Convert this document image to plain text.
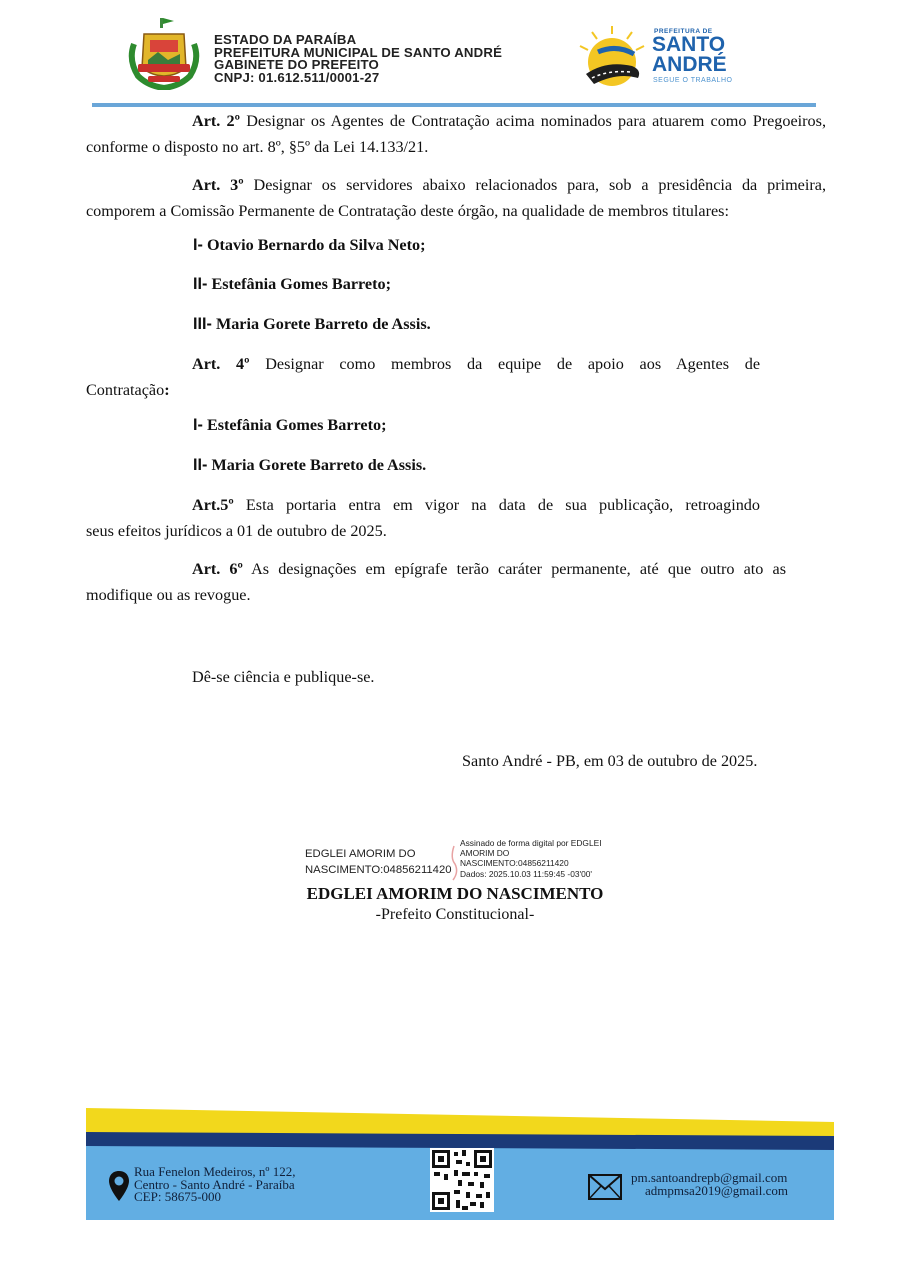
ESTADO DA PARAÍBA
PREFEITURA MUNICIPAL DE SANTO ANDRÉ
GABINETE DO PREFEITO
CNPJ: 01.612.511/0001-27
PREFEITURA DE
SANTO
ANDRÉ
SEGUE O TRABALHO
Art. 2º Designar os Agentes de Contratação acima nominados para atuarem como Pregoeiros, conforme o disposto no art. 8º, §5º da Lei 14.133/21.
Art. 3º Designar os servidores abaixo relacionados para, sob a presidência da primeira, comporem a Comissão Permanente de Contratação deste órgão, na qualidade de membros titulares:
I- Otavio Bernardo da Silva Neto;
II- Estefânia Gomes Barreto;
III- Maria Gorete Barreto de Assis.
Art. 4º Designar como membros da equipe de apoio aos Agentes de
Contratação:
I- Estefânia Gomes Barreto;
II- Maria Gorete Barreto de Assis.
Art.5º Esta portaria entra em vigor na data de sua publicação, retroagindo
seus efeitos jurídicos a 01 de outubro de 2025.
Art. 6º As designações em epígrafe terão caráter permanente, até que outro ato as modifique ou as revogue.
Dê-se ciência e publique-se.
Santo André - PB, em 03 de outubro de 2025.
EDGLEI AMORIM DO
NASCIMENTO:04856211420
Assinado de forma digital por EDGLEI
AMORIM DO
NASCIMENTO:04856211420
Dados: 2025.10.03 11:59:45 -03'00'
EDGLEI AMORIM DO NASCIMENTO
-Prefeito Constitucional-
Rua Fenelon Medeiros, nº 122,
Centro - Santo André - Paraíba
CEP: 58675-000
pm.santoandrepb@gmail.com
admpmsa2019@gmail.com
